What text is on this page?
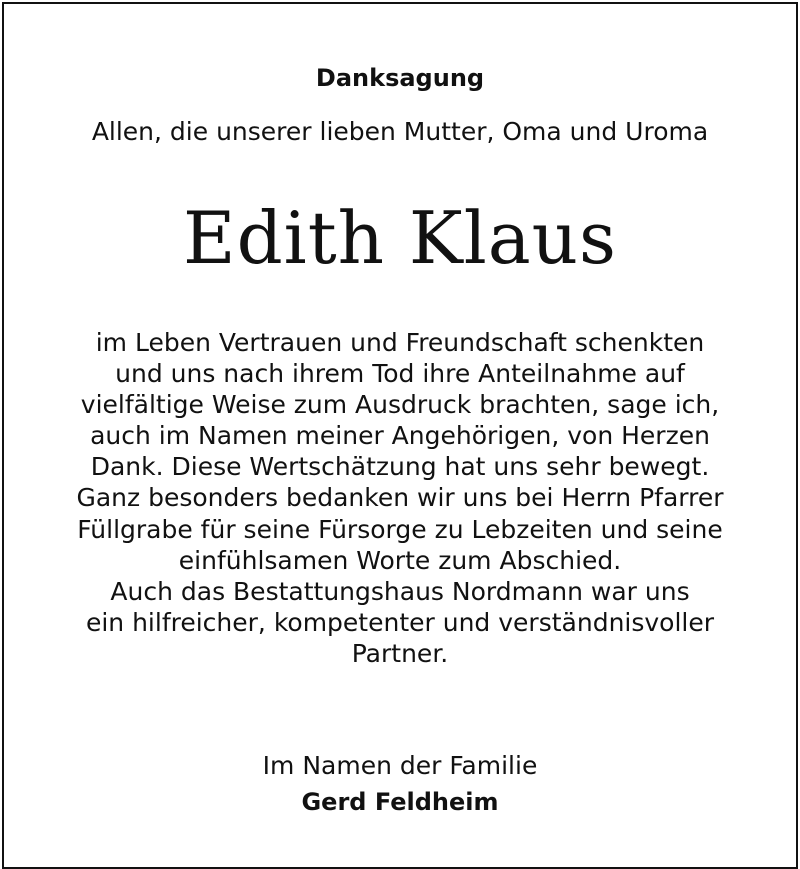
Danksagung
Allen, die unserer lieben Mutter, Oma und Uroma
Edith Klaus
im Leben Vertrauen und Freundschaft schenkten
und uns nach ihrem Tod ihre Anteilnahme auf
vielfältige Weise zum Ausdruck brachten, sage ich,
auch im Namen meiner Angehörigen, von Herzen
Dank. Diese Wertschätzung hat uns sehr bewegt.
Ganz besonders bedanken wir uns bei Herrn Pfarrer
Füllgrabe für seine Fürsorge zu Lebzeiten und seine
einfühlsamen Worte zum Abschied.
Auch das Bestattungshaus Nordmann war uns
ein hilfreicher, kompetenter und verständnisvoller
Partner.
Im Namen der Familie
Gerd Feldheim
